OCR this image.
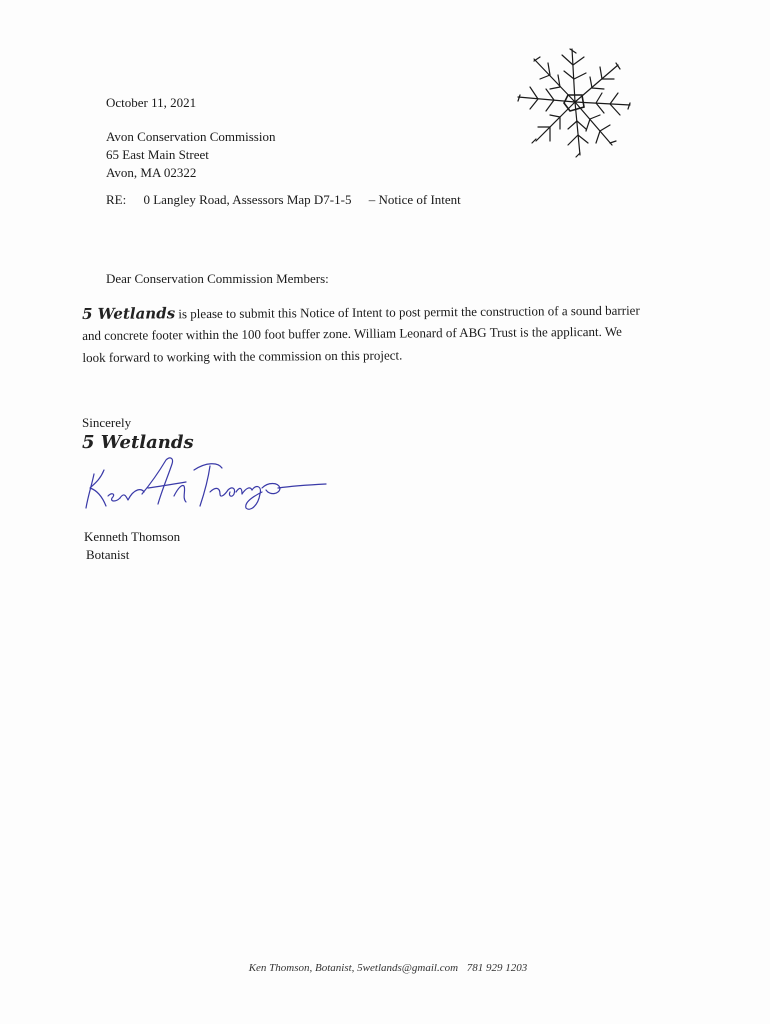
October 11, 2021
Avon Conservation Commission
65 East Main Street
Avon, MA 02322
RE: 0 Langley Road, Assessors Map D7-1-5 – Notice of Intent
Dear Conservation Commission Members:
5 Wetlands is please to submit this Notice of Intent to post permit the construction of a sound barrier
and concrete footer within the 100 foot buffer zone. William Leonard of ABG Trust is the applicant. We
look forward to working with the commission on this project.
Sincerely
5 Wetlands
Kenneth Thomson
Botanist
Ken Thomson, Botanist, 5wetlands@gmail.com 781 929 1203
